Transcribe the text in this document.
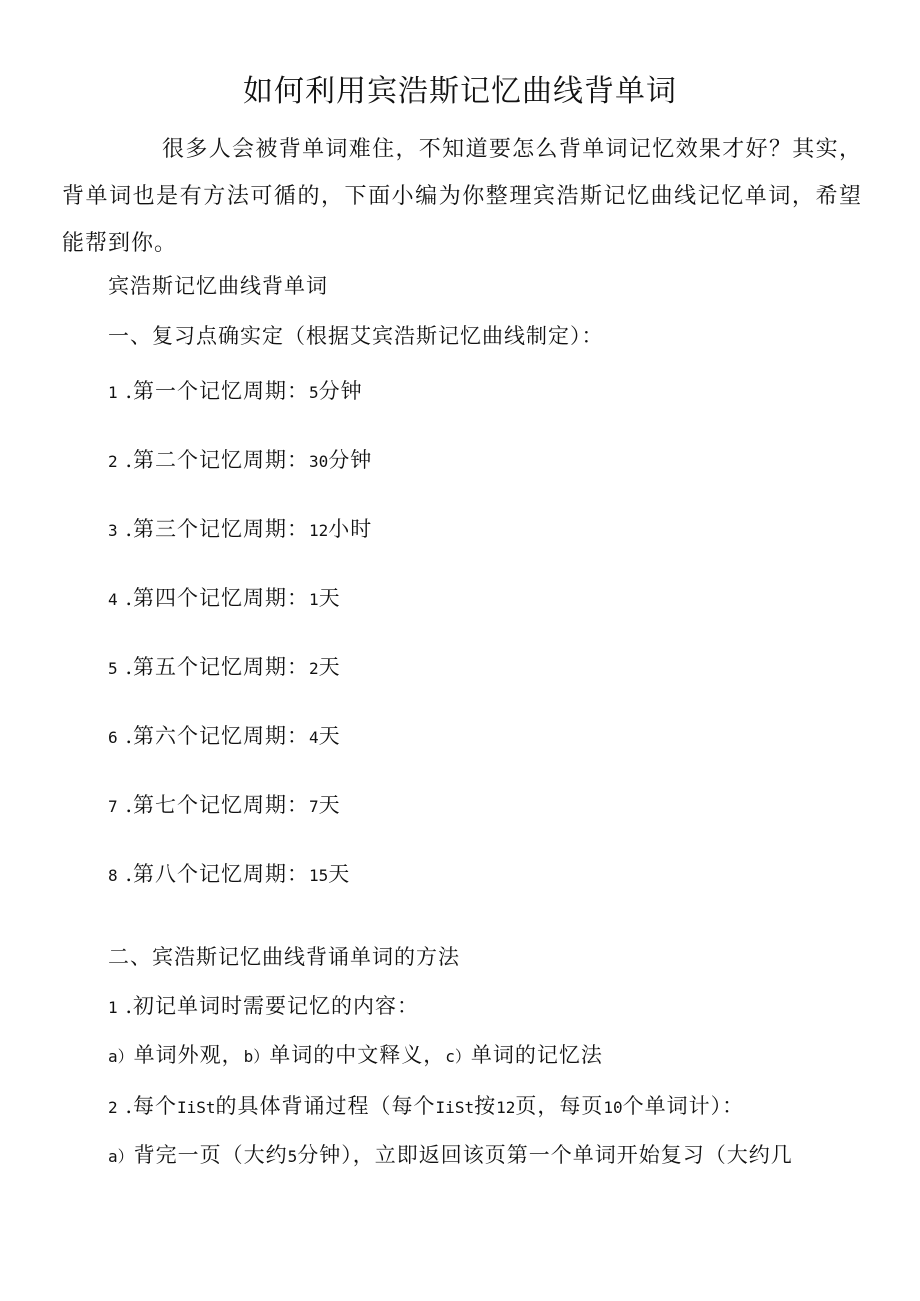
如何利用宾浩斯记忆曲线背单词
很多人会被背单词难住，不知道要怎么背单词记忆效果才好？其实，背单词也是有方法可循的，下面小编为你整理宾浩斯记忆曲线记忆单词，希望能帮到你。
宾浩斯记忆曲线背单词
一、复习点确实定（根据艾宾浩斯记忆曲线制定）：
1 .第一个记忆周期：5分钟
2 .第二个记忆周期：30分钟
3 .第三个记忆周期：12小时
4 .第四个记忆周期：1天
5 .第五个记忆周期：2天
6 .第六个记忆周期：4天
7 .第七个记忆周期：7天
8 .第八个记忆周期：15天
二、宾浩斯记忆曲线背诵单词的方法
1 .初记单词时需要记忆的内容：
a）单词外观，b）单词的中文释义，c）单词的记忆法
2 .每个IiSt的具体背诵过程（每个IiSt按12页，每页10个单词计）：
a）背完一页（大约5分钟），立即返回该页第一个单词开始复习（大约几
